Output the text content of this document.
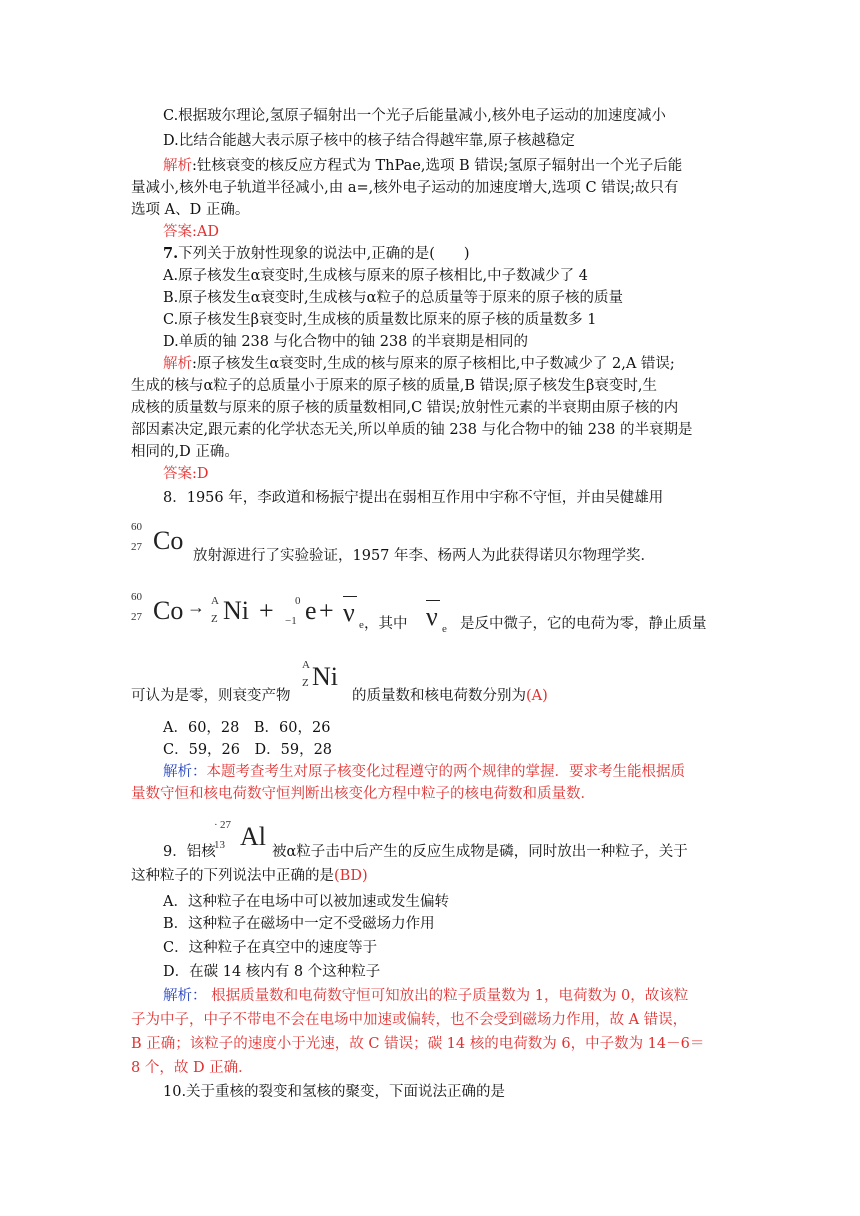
C.根据玻尔理论,氢原子辐射出一个光子后能量减小,核外电子运动的加速度减小
D.比结合能越大表示原子核中的核子结合得越牢靠,原子核越稳定
解析:钍核衰变的核反应方程式为 ThPae,选项 B 错误;氢原子辐射出一个光子后能
量减小,核外电子轨道半径减小,由 a=,核外电子运动的加速度增大,选项 C 错误;故只有
选项 A、D 正确。
答案:AD
7.下列关于放射性现象的说法中,正确的是(　　)
A.原子核发生α衰变时,生成核与原来的原子核相比,中子数减少了 4
B.原子核发生α衰变时,生成核与α粒子的总质量等于原来的原子核的质量
C.原子核发生β衰变时,生成核的质量数比原来的原子核的质量数多 1
D.单质的铀 238 与化合物中的铀 238 的半衰期是相同的
解析:原子核发生α衰变时,生成的核与原来的原子核相比,中子数减少了 2,A 错误;
生成的核与α粒子的总质量小于原来的原子核的质量,B 错误;原子核发生β衰变时,生
成核的质量数与原来的原子核的质量数相同,C 错误;放射性元素的半衰期由原子核的内
部因素决定,跟元素的化学状态无关,所以单质的铀 238 与化合物中的铀 238 的半衰期是
相同的,D 正确。
答案:D
8．1956 年，李政道和杨振宁提出在弱相互作用中宇称不守恒，并由吴健雄用
60
27 Co
放射源进行了实验验证，1957 年李、杨两人为此获得诺贝尔物理学奖．
60
27 Co → A
Z Ni + 0
−1 e + ν e ，其中 ν e 是反中微子，它的电荷为零，静止质量
可认为是零，则衰变产物
A
Z Ni
的质量数和核电荷数分别为(A)
A．60，28　B．60，26
C．59，26　D．59，28
解析：本题考查考生对原子核变化过程遵守的两个规律的掌握．要求考生能根据质
量数守恒和核电荷数守恒判断出核变化方程中粒子的核电荷数和质量数．
9．铝核
· 27
13 Al
被α粒子击中后产生的反应生成物是磷，同时放出一种粒子，关于
这种粒子的下列说法中正确的是(BD)
A．这种粒子在电场中可以被加速或发生偏转
B．这种粒子在磁场中一定不受磁场力作用
C．这种粒子在真空中的速度等于
D．在碳 14 核内有 8 个这种粒子
解析： 根据质量数和电荷数守恒可知放出的粒子质量数为 1，电荷数为 0，故该粒
子为中子，中子不带电不会在电场中加速或偏转，也不会受到磁场力作用，故 A 错误，
B 正确；该粒子的速度小于光速，故 C 错误；碳 14 核的电荷数为 6，中子数为 14－6＝
8 个，故 D 正确．
10.关于重核的裂变和氢核的聚变，下面说法正确的是
